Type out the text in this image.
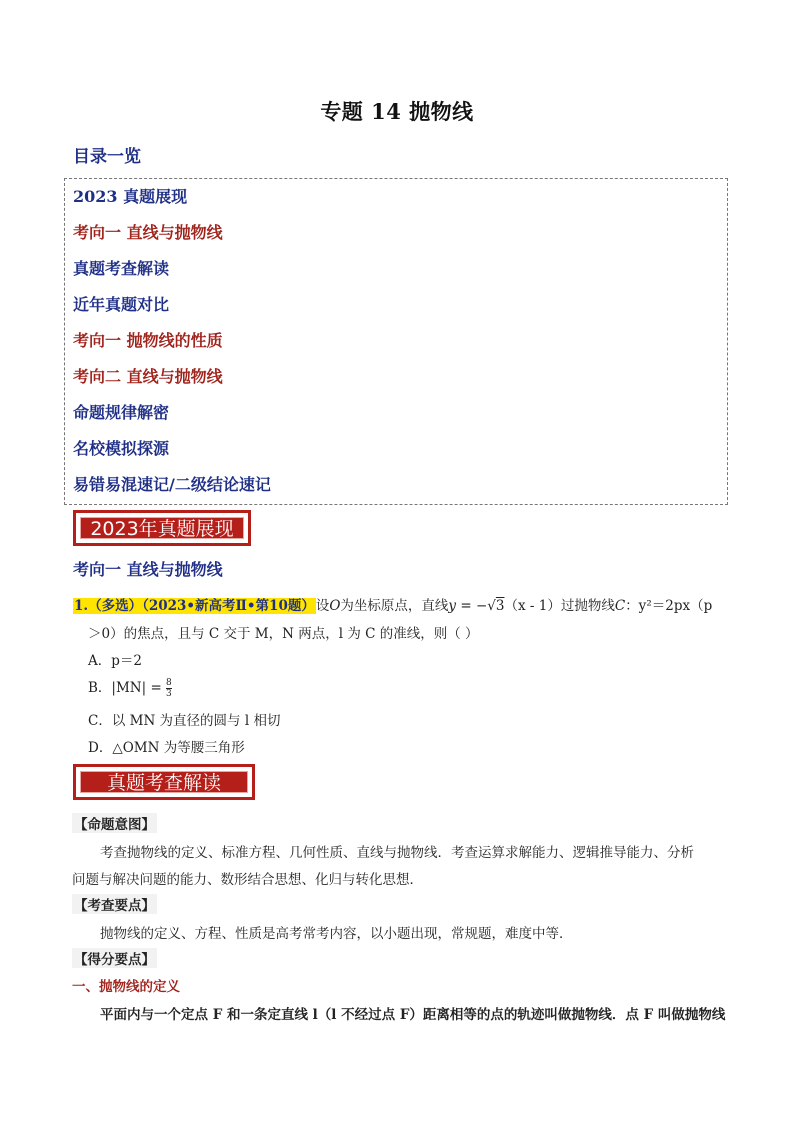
专题 14 抛物线
目录一览
2023 真题展现
考向一 直线与抛物线
真题考查解读
近年真题对比
考向一 抛物线的性质
考向二 直线与抛物线
命题规律解密
名校模拟探源
易错易混速记/二级结论速记
2023年真题展现
考向一 直线与抛物线
1.（多选）（2023•新高考Ⅱ•第10题）设O为坐标原点，直线y = −√3（x - 1）过抛物线C：y²＝2px（p
＞0）的焦点，且与 C 交于 M，N 两点，l 为 C 的准线，则（ ）
A．p＝2
B．$|MN| = \frac{8}{3}$
C．以 MN 为直径的圆与 l 相切
D．△OMN 为等腰三角形
真题考查解读
【命题意图】
考查抛物线的定义、标准方程、几何性质、直线与抛物线．考查运算求解能力、逻辑推导能力、分析
问题与解决问题的能力、数形结合思想、化归与转化思想．
【考查要点】
抛物线的定义、方程、性质是高考常考内容，以小题出现，常规题，难度中等．
【得分要点】
一、抛物线的定义
平面内与一个定点 F 和一条定直线 l（l 不经过点 F）距离相等的点的轨迹叫做抛物线．点 F 叫做抛物线
